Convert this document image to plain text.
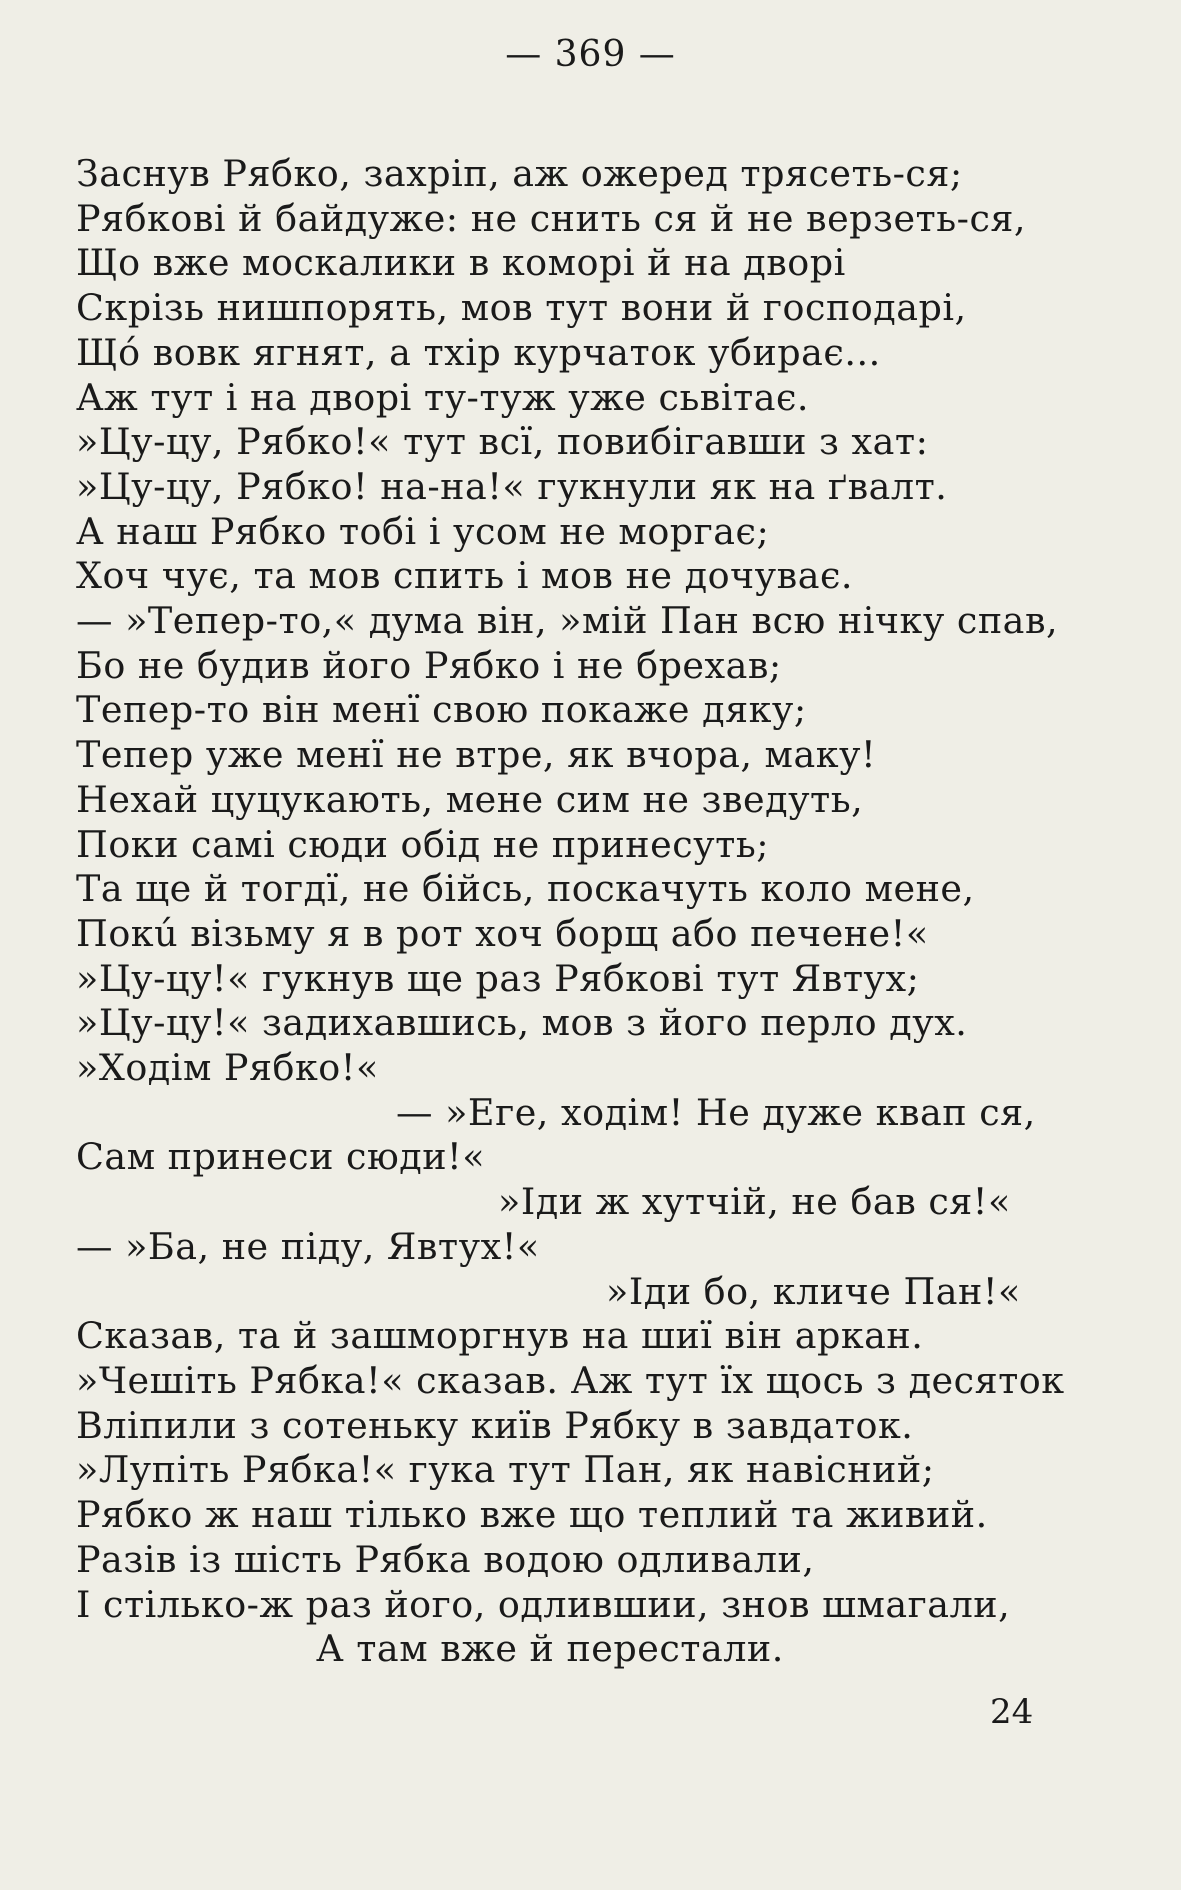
— 369 —
Заснув Рябко, захріп, аж ожеред трясеть-ся;
Рябкові й байдуже: не снить ся й не верзеть-ся,
Що вже москалики в коморі й на дворі
Скрізь нишпорять, мов тут вони й господарі,
Щó вовк ягнят, а тхір курчаток убирає...
Аж тут і на дворі ту-туж уже сьвітає.
»Цу-цу, Рябко!« тут всї, повибігавши з хат:
»Цу-цу, Рябко! на-на!« гукнули як на ґвалт.
А наш Рябко тобі і усом не моргає;
Хоч чує, та мов спить і мов не дочуває.
— »Тепер-то,« дума він, »мій Пан всю нічку спав,
Бо не будив його Рябко і не брехав;
Тепер-то він менї свою покаже дяку;
Тепер уже менї не втре, як вчора, маку!
Нехай цуцукають, мене сим не зведуть,
Поки самі сюди обід не принесуть;
Та ще й тогдї, не бійсь, поскачуть коло мене,
Покú візьму я в рот хоч борщ або печене!«
»Цу-цу!« гукнув ще раз Рябкові тут Явтух;
»Цу-цу!« задихавшись, мов з його перло дух.
»Ходім Рябко!«
— »Еге, ходім! Не дуже квап ся,
Сам принеси сюди!«
»Іди ж хутчій, не бав ся!«
— »Ба, не піду, Явтух!«
»Іди бо, кличе Пан!«
Сказав, та й зашморгнув на шиї він аркан.
»Чешіть Рябка!« сказав. Аж тут їх щось з десяток
Вліпили з сотеньку київ Рябку в завдаток.
»Лупіть Рябка!« гука тут Пан, як навісний;
Рябко ж наш тілько вже що теплий та живий.
Разів із шість Рябка водою одливали,
І стілько-ж раз його, одлившии, знов шмагали,
А там вже й перестали.
24
